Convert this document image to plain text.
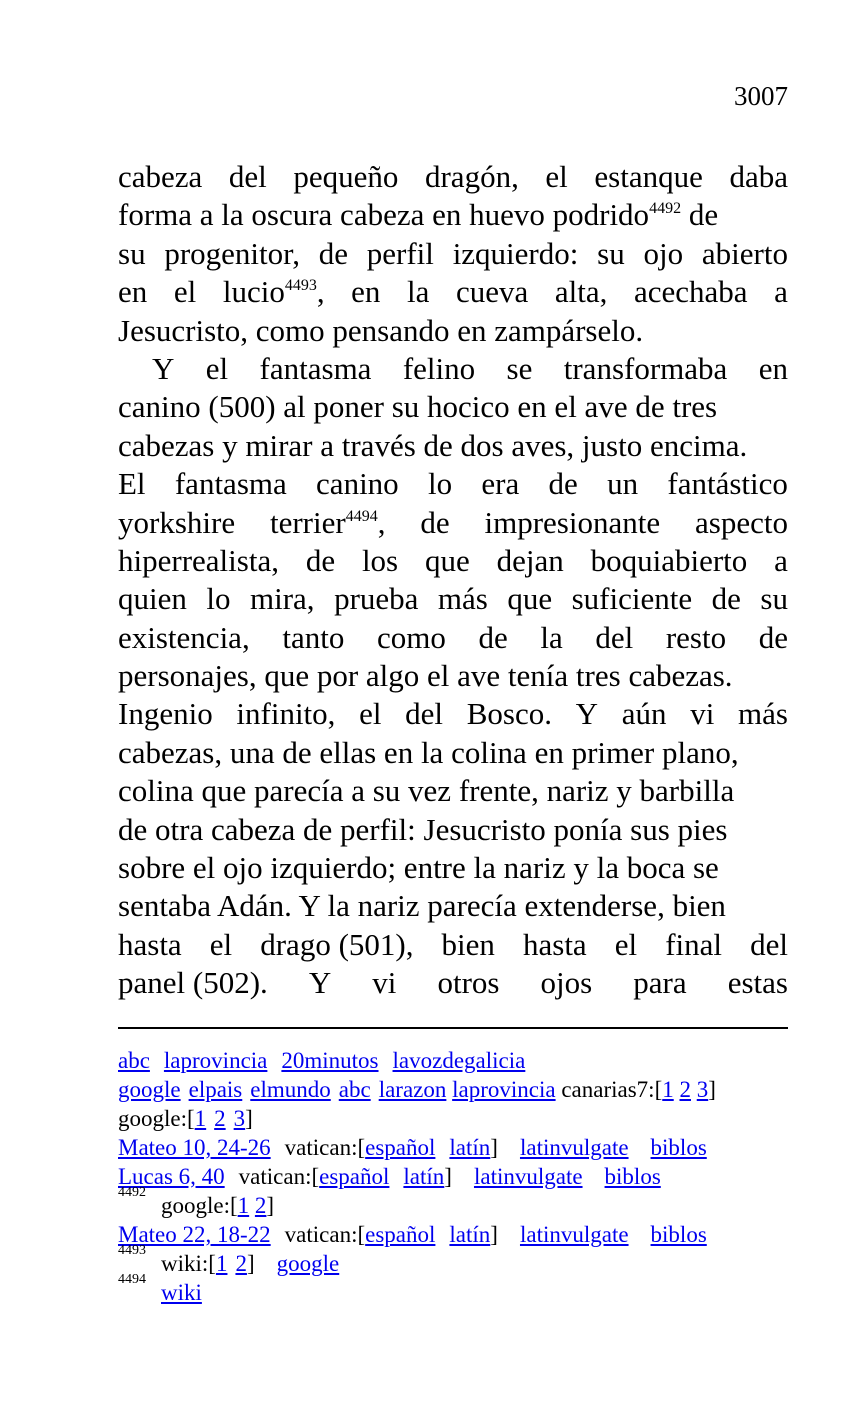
3007
cabeza del pequeño dragón, el estanque daba
forma a la oscura cabeza en huevo podrido$^{4492}$ de
su progenitor, de perfil izquierdo: su ojo abierto
en el lucio$^{4493}$, en la cueva alta, acechaba a
Jesucristo, como pensando en zampárselo.
Y el fantasma felino se transformaba en
canino (500) al poner su hocico en el ave de tres
cabezas y mirar a través de dos aves, justo encima.
El fantasma canino lo era de un fantástico
yorkshire terrier$^{4494}$, de impresionante aspecto
hiperrealista, de los que dejan boquiabierto a
quien lo mira, prueba más que suficiente de su
existencia, tanto como de la del resto de
personajes, que por algo el ave tenía tres cabezas.
Ingenio infinito, el del Bosco. Y aún vi más
cabezas, una de ellas en la colina en primer plano,
colina que parecía a su vez frente, nariz y barbilla
de otra cabeza de perfil: Jesucristo ponía sus pies
sobre el ojo izquierdo; entre la nariz y la boca se
sentaba Adán. Y la nariz parecía extenderse, bien
hasta el drago (501), bien hasta el final del
panel (502). Y vi otros ojos para estas
abc laprovincia 20minutos lavozdegalicia
google elpais elmundo abc larazon laprovincia canarias7:[1 2 3]
google:[1 2 3]
Mateo 10, 24-26 vatican:[español latín] latinvulgate biblos
Lucas 6, 40 vatican:[español latín] latinvulgate biblos
4492
google:[1 2]
Mateo 22, 18-22 vatican:[español latín] latinvulgate biblos
4493
wiki:[1 2] google
4494
wiki
